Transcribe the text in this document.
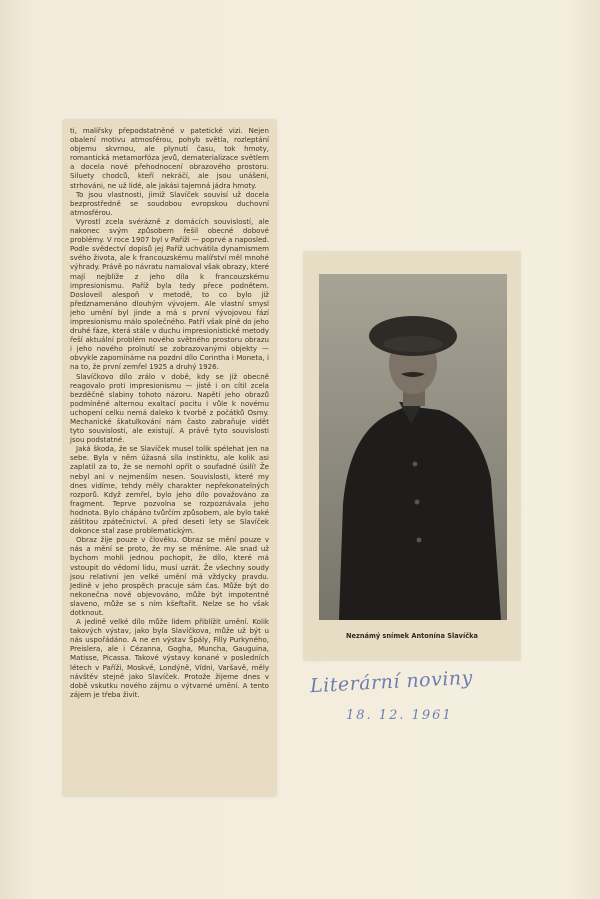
ti, malířsky přepodstatněné v patetické vizi. Nejen obalení motivu atmosférou, pohyb světla, rozleptání objemu skvrnou, ale plynutí času, tok hmoty, romantická metamorfóza jevů, dematerializace světlem a docela nové přehodnocení obrazového prostoru. Siluety chodců, kteří nekráčí, ale jsou unášeni, strhováni, ne už lidé, ale jakási tajemná jádra hmoty.

To jsou vlastnosti, jimiž Slavíček souvisí už docela bezprostředně se soudobou evropskou duchovní atmosférou.

Vyrostl zcela svérázně z domácích souvislostí, ale nakonec svým způsobem řešil obecné dobové problémy. V roce 1907 byl v Paříži — poprvé a naposled. Podle svědectví dopisů jej Paříž uchvátila dynamismem svého života, ale k francouzskému malířství měl mnohé výhrady. Právě po návratu namaloval však obrazy, které mají nejblíže z jeho díla k francouzskému impresionismu. Paříž byla tedy přece podnětem. Dosloveil alespoň v metodě, to co bylo již předznamenáno dlouhým vývojem. Ale vlastní smysl jeho umění byl jinde a má s první vývojovou fází impresionismu málo společného. Patří však plně do jeho druhé fáze, která stále v duchu impresionistické metody řeší aktuální problém nového světného prostoru obrazu i jeho nového prolnutí se zobrazovanými objekty — obvykle zapomínáme na pozdní dílo Corintha i Moneta, i na to, že první zemřel 1925 a druhý 1926.

Slavíčkovo dílo zrálo v době, kdy se již obecně reagovalo proti impresionismu — jistě i on cítil zcela bezděčně slabiny tohoto názoru. Napětí jeho obrazů podmíněné alternou exaltací pocitu i vůle k novému uchopení celku nemá daleko k tvorbě z počátků Osmy. Mechanické škatulkování nám často zabraňuje vidět tyto souvislosti, ale existují. A právě tyto souvislosti jsou podstatné.

Jaká škoda, že se Slavíček musel tolik spélehat jen na sebe. Byla v něm úžasná síla instinktu, ale kolik asi zaplatil za to, že se nemohl opřít o soufadné úsilí! Že nebyl ani v nejmenším nesen. Souvislosti, které my dnes vidíme, tehdy měly charakter nepřekonatelných rozporů. Když zemřel, bylo jeho dílo považováno za fragment. Teprve pozvolna se rozpoznávala jeho hodnota. Bylo chápáno tvůrčím způsobem, ale bylo také záštitou zpátečnictví. A před deseti lety se Slavíček dokonce stal zase problematickým.

Obraz žije pouze v člověku. Obraz se mění pouze v nás a mění se proto, že my se měníme. Ale snad už bychom mohli jednou pochopit, že dílo, které má vstoupit do vědomí lidu, musí uzrát. Že všechny soudy jsou relativní jen velké umění má vždycky pravdu. Jedině v jeho prospěch pracuje sám čas. Může být do nekonečna nově objevováno, může být impotentně slaveno, může se s ním kšeftařit. Nelze se ho však dotknout.

A jedině velké dílo může lidem přiblížit umění. Kolik takových výstav, jako byla Slavíčkova, může už být u nás uspořádáno. A ne en výstav Špály, Filly Purkyného, Preislera, ale i Cézanna, Gogha, Muncha, Gauguina, Matisse, Picassa. Takové výstavy konané v posledních létech v Paříži, Moskvě, Londýně, Vídni, Varšavě, měly návštěv stejně jako Slavíček. Protože žijeme dnes v době vskutku nového zájmu o výtvarné umění. A tento zájem je třeba živit.

Neznámý snímek Antonína Slavíčka
Literární noviny
18. 12. 1961
